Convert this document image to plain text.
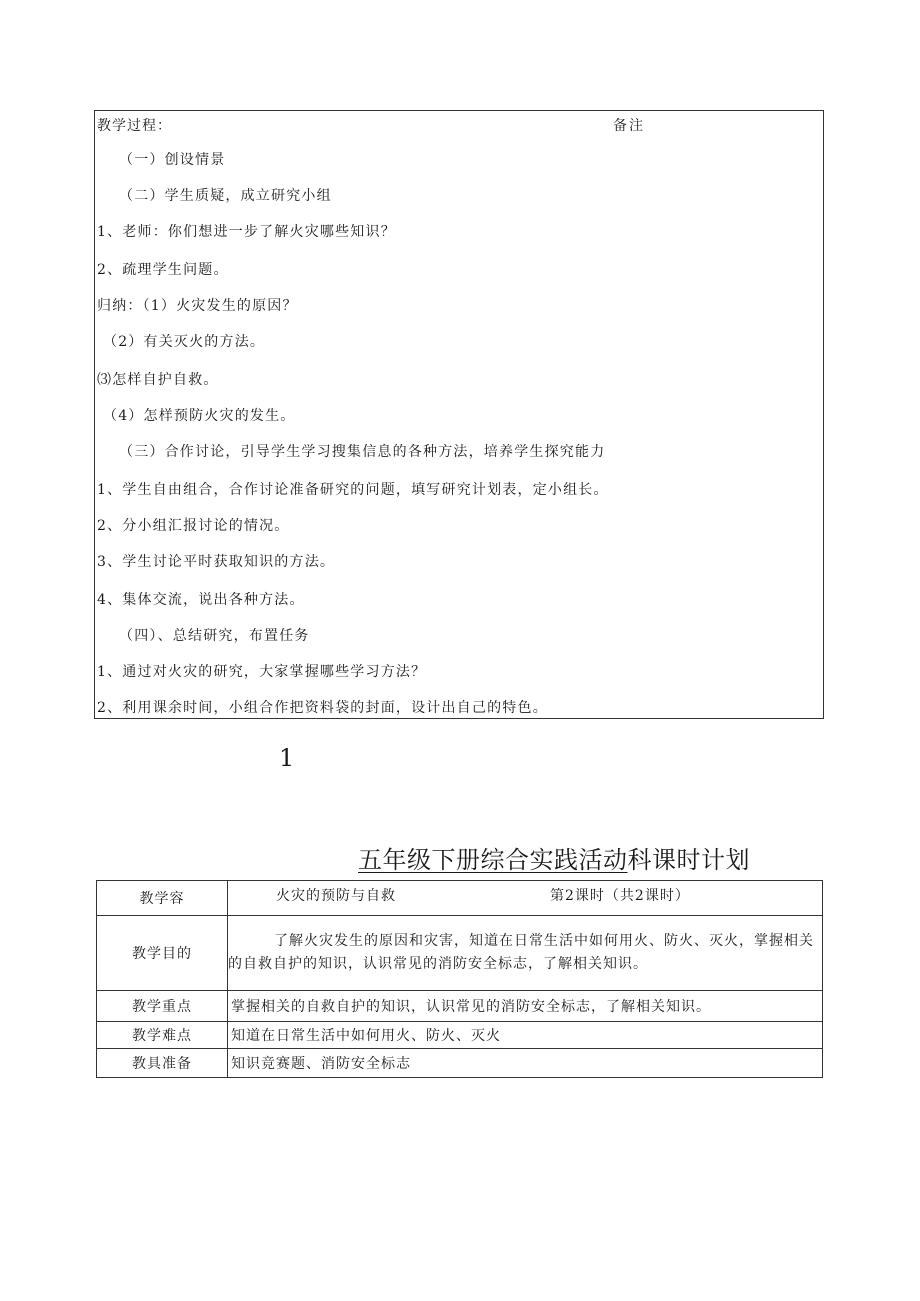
教学过程：	备注
（一）创设情景
（二）学生质疑，成立研究小组
1、老师：你们想进一步了解火灾哪些知识？
2、疏理学生问题。
归纳：（1）火灾发生的原因？
（2）有关灭火的方法。
⑶怎样自护自救。
（4）怎样预防火灾的发生。
（三）合作讨论，引导学生学习搜集信息的各种方法，培养学生探究能力
1、学生自由组合，合作讨论准备研究的问题，填写研究计划表，定小组长。
2、分小组汇报讨论的情况。
3、学生讨论平时获取知识的方法。
4、集体交流，说出各种方法。
（四）、总结研究，布置任务
1、通过对火灾的研究，大家掌握哪些学习方法？
2、利用课余时间，小组合作把资料袋的封面，设计出自己的特色。
1
五年级下册综合实践活动科课时计划
教学容	火灾的预防与自救 第2课时（共2课时）

教学目的	了解火灾发生的原因和灾害，知道在日常生活中如何用火、防火、灭火，掌握相关的自救自护的知识，认识常见的消防安全标志，了解相关知识。
教学重点	掌握相关的自救自护的知识，认识常见的消防安全标志，了解相关知识。
教学难点	知道在日常生活中如何用火、防火、灭火
教具准备	知识竞赛题、消防安全标志
